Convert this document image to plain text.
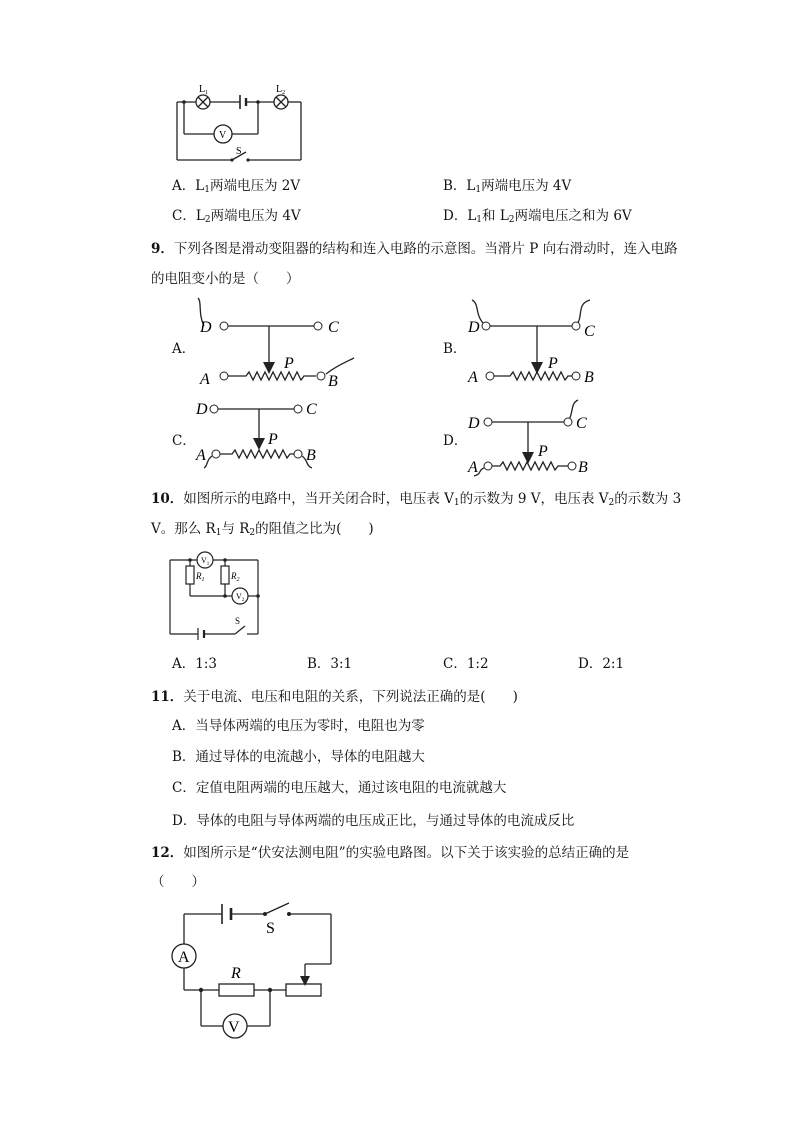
$L_1$	$L_2$
V
S
A．$L_1$两端电压为 2V	B．$L_1$两端电压为 4V
C．$L_2$两端电压为 4V	D．$L_1$和 $L_2$两端电压之和为 6V
9．下列各图是滑动变阻器的结构和连入电路的示意图。当滑片 P 向右滑动时，连入电路
的电阻变小的是（　　）
A．
D	C
P
A	B
B．
D	C
P
A	B
C．
D	C
P
A	B
D．
D	C
P
A	B
10．如图所示的电路中，当开关闭合时，电压表 $V_1$的示数为 9 V，电压表 $V_2$的示数为 3
V。那么 $R_1$与 $R_2$的阻值之比为(　　)
$V_1$
$V_2$
$R_1$	$R_2$
S
A．1:3	B．3:1	C．1:2	D．2:1
11．关于电流、电压和电阻的关系，下列说法正确的是(　　)
A．当导体两端的电压为零时，电阻也为零
B．通过导体的电流越小，导体的电阻越大
C．定值电阻两端的电压越大，通过该电阻的电流就越大
D．导体的电阻与导体两端的电压成正比，与通过导体的电流成反比
12．如图所示是“伏安法测电阻”的实验电路图。以下关于该实验的总结正确的是
（　　）
A
S
R
V
